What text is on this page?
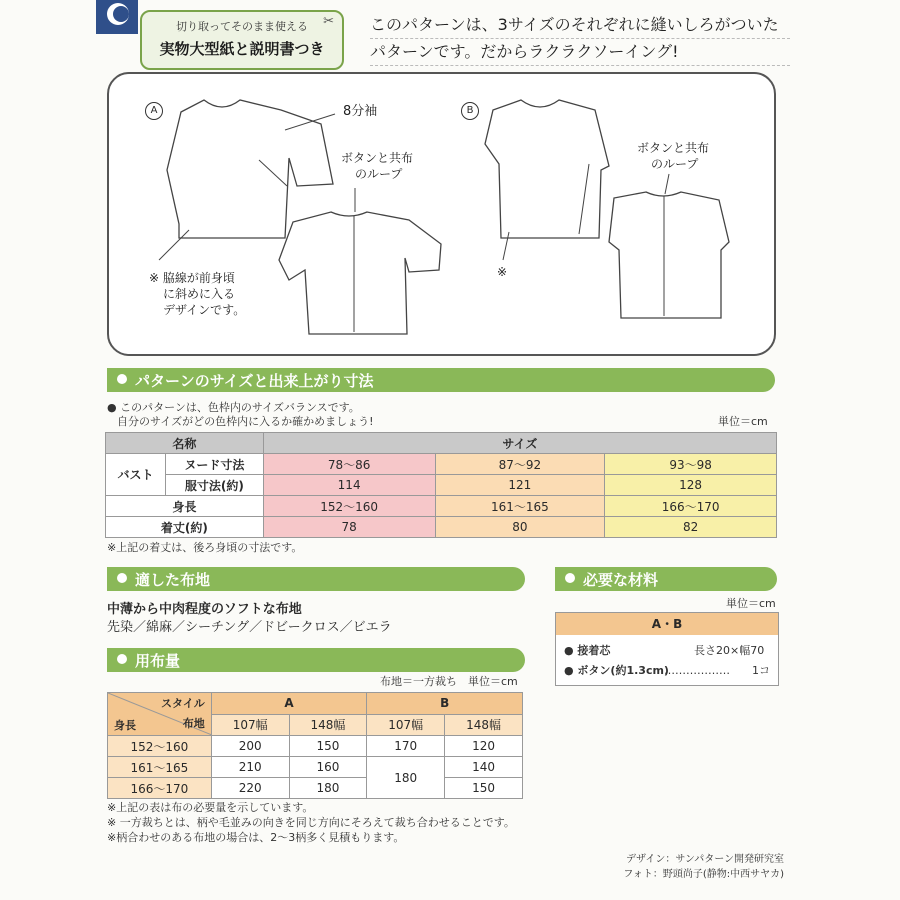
切り取ってそのまま使える
実物大型紙と説明書つき
✂ このパターンは、3サイズのそれぞれに縫いしろがついた
パターンです。だからラクラクソーイング!
A	B
8分袖
ボタンと共布
のループ
※ 脇線が前身頃
に斜めに入る
デザインです。
ボタンと共布
のループ
※
パターンのサイズと出来上がり寸法
● このパターンは、色枠内のサイズバランスです。
自分のサイズがどの色枠内に入るか確かめましょう!	単位＝cm
名称		サイズ		
バスト	ヌード寸法	78〜86	87〜92	93〜98
	服寸法(約)	114	121	128
身長		152〜160	161〜165	166〜170
着丈(約)		78	80	82
※上記の着丈は、後ろ身頃の寸法です。
適した布地
中薄から中肉程度のソフトな布地
先染／綿麻／シーチング／ドビークロス／ビエラ
必要な材料
単位＝cm
A・B
● 接着芯	長さ20×幅70
● ボタン(約1.3cm)
……………… 1コ
用布量
布地＝一方裁ち　単位＝cm
スタイル
布地
身長	A		B	
	107幅	148幅	107幅	148幅
152〜160	200	150	170	120
161〜165	210	160	180	140
166〜170	220	180		150
※上記の表は布の必要量を示しています。
※ 一方裁ちとは、柄や毛並みの向きを同じ方向にそろえて裁ち合わせることです。
※柄合わせのある布地の場合は、2〜3柄多く見積もります。
デザイン：サンパターン開発研究室
フォト：野頭尚子(静物:中西サヤカ)
